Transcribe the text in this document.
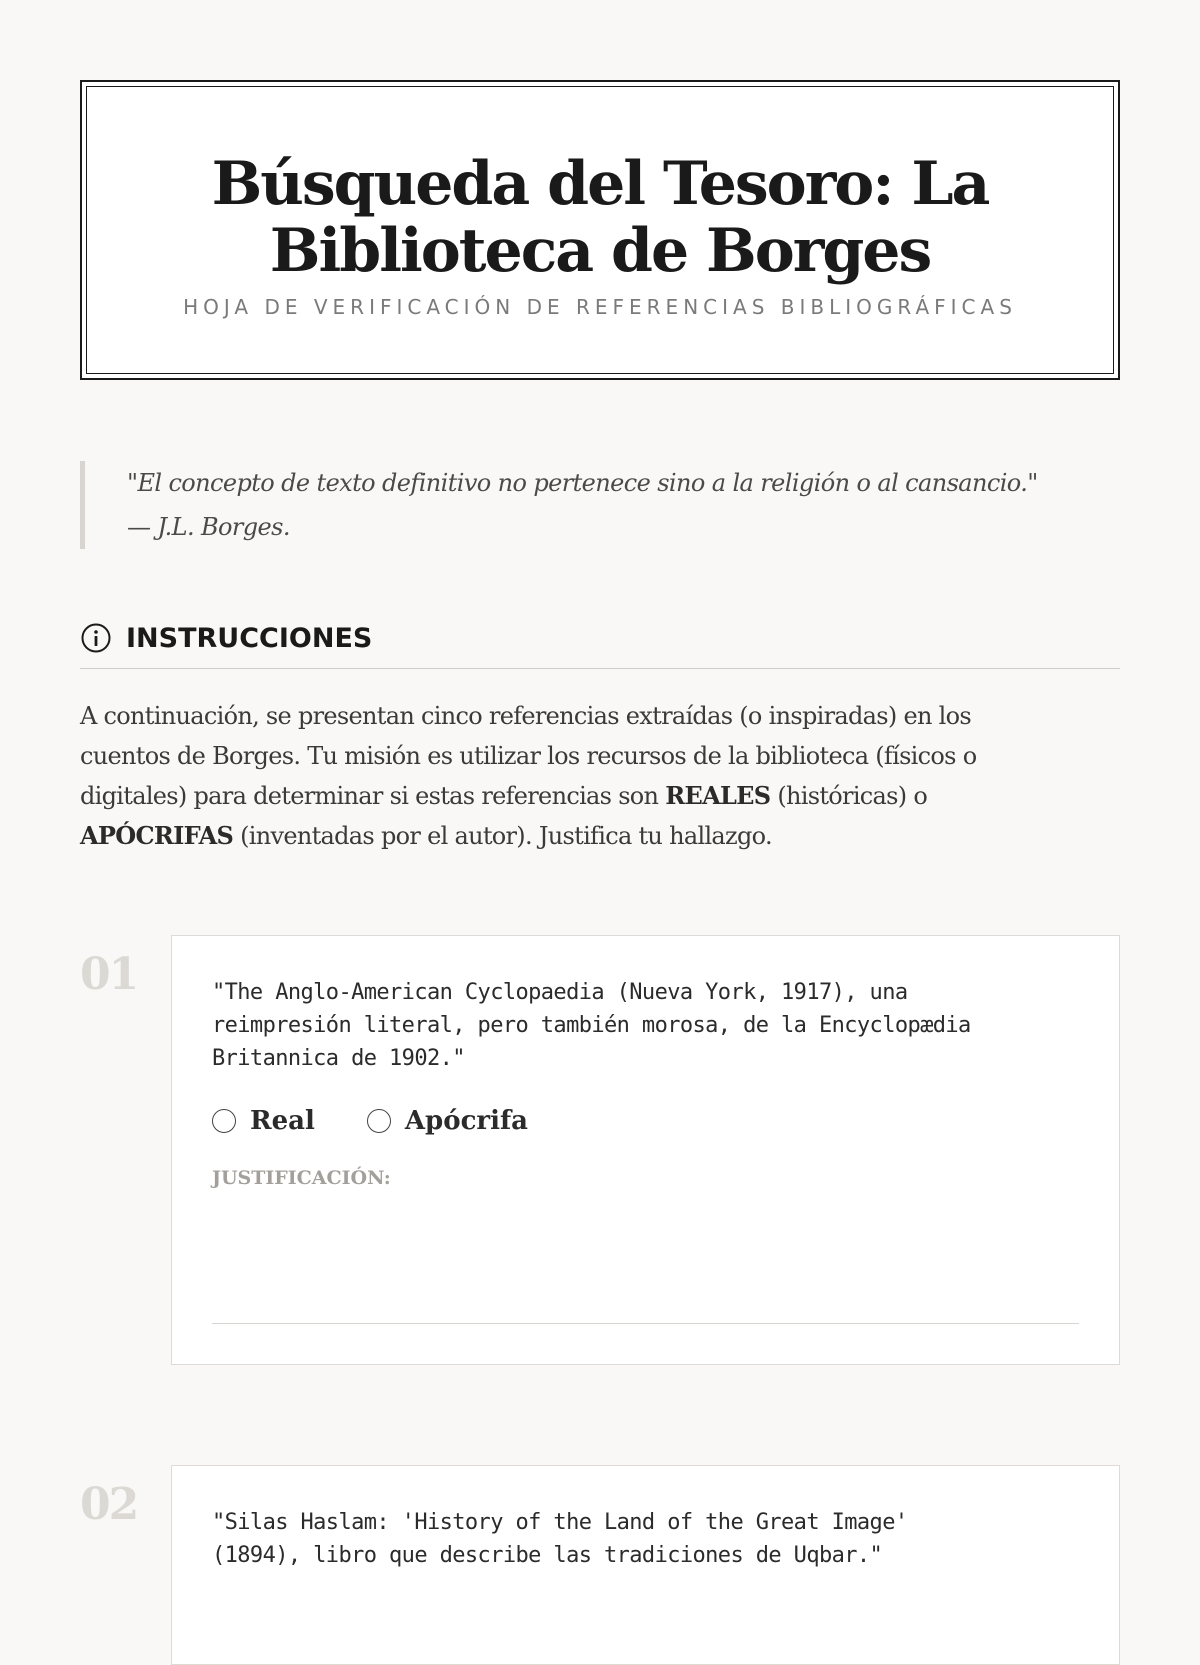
Búsqueda del Tesoro: La Biblioteca de Borges
HOJA DE VERIFICACIÓN DE REFERENCIAS BIBLIOGRÁFICAS
"El concepto de texto definitivo no pertenece sino a la religión o al cansancio."
— J.L. Borges.
INSTRUCCIONES
A continuación, se presentan cinco referencias extraídas (o inspiradas) en los
cuentos de Borges. Tu misión es utilizar los recursos de la biblioteca (físicos o
digitales) para determinar si estas referencias son REALES (históricas) o
APÓCRIFAS (inventadas por el autor). Justifica tu hallazgo.
01	"The Anglo-American Cyclopaedia (Nueva York, 1917), una
reimpresión literal, pero también morosa, de la Encyclopædia
Britannica de 1902."
Real	Apócrifa
JUSTIFICACIÓN:
02	"Silas Haslam: 'History of the Land of the Great Image'
(1894), libro que describe las tradiciones de Uqbar."
